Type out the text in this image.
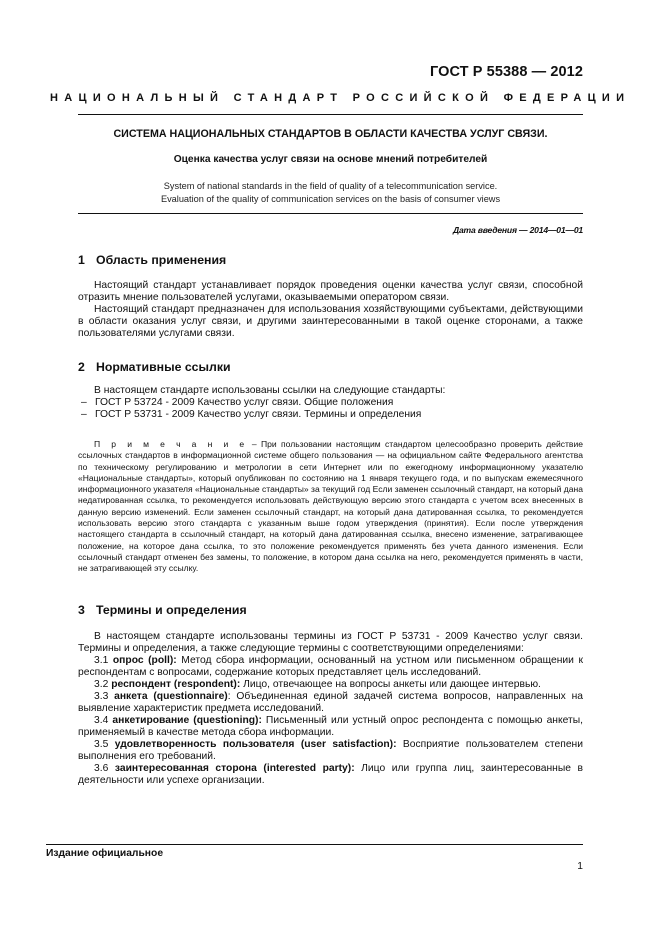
ГОСТ Р 55388 — 2012
НАЦИОНАЛЬНЫЙ СТАНДАРТ РОССИЙСКОЙ ФЕДЕРАЦИИ
СИСТЕМА НАЦИОНАЛЬНЫХ СТАНДАРТОВ В ОБЛАСТИ КАЧЕСТВА УСЛУГ СВЯЗИ.
Оценка качества услуг связи на основе мнений потребителей
System of national standards in the field of quality of a telecommunication service.
Evaluation of the quality of communication services on the basis of consumer views
Дата введения — 2014—01—01
1 Область применения

Настоящий стандарт устанавливает порядок проведения оценки качества услуг связи, способной отразить мнение пользователей услугами, оказываемыми оператором связи.

Настоящий стандарт предназначен для использования хозяйствующими субъектами, действующими в области оказания услуг связи, и другими заинтересованными в такой оценке сторонами, а также пользователями услугами связи.

2 Нормативные ссылки

В настоящем стандарте использованы ссылки на следующие стандарты:

– ГОСТ Р 53724 - 2009 Качество услуг связи. Общие положения
– ГОСТ Р 53731 - 2009 Качество услуг связи. Термины и определения

П р и м е ч а н и е – При пользовании настоящим стандартом целесообразно проверить действие ссылочных стандартов в информационной системе общего пользования — на официальном сайте Федерального агентства по техническому регулированию и метрологии в сети Интернет или по ежегодному информационному указателю «Национальные стандарты», который опубликован по состоянию на 1 января текущего года, и по выпускам ежемесячного информационного указателя «Национальные стандарты» за текущий год Если заменен ссылочный стандарт, на который дана недатированная ссылка, то рекомендуется использовать действующую версию этого стандарта с учетом всех внесенных в данную версию изменений. Если заменен ссылочный стандарт, на который дана датированная ссылка, то рекомендуется использовать версию этого стандарта с указанным выше годом утверждения (принятия). Если после утверждения настоящего стандарта в ссылочный стандарт, на который дана датированная ссылка, внесено изменение, затрагивающее положение, на которое дана ссылка, то это положение рекомендуется применять без учета данного изменения. Если ссылочный стандарт отменен без замены, то положение, в котором дана ссылка на него, рекомендуется применять в части, не затрагивающей эту ссылку.

3 Термины и определения

В настоящем стандарте использованы термины из ГОСТ Р 53731 - 2009 Качество услуг связи. Термины и определения, а также следующие термины с соответствующими определениями:

3.1 опрос (poll): Метод сбора информации, основанный на устном или письменном обращении к респондентам с вопросами, содержание которых представляет цель исследований.

3.2 респондент (respondent): Лицо, отвечающее на вопросы анкеты или дающее интервью.

3.3 анкета (questionnaire): Объединенная единой задачей система вопросов, направленных на выявление характеристик предмета исследований.

3.4 анкетирование (questioning): Письменный или устный опрос респондента с помощью анкеты, применяемый в качестве метода сбора информации.

3.5 удовлетворенность пользователя (user satisfaction): Восприятие пользователем степени выполнения его требований.

3.6 заинтересованная сторона (interested party): Лицо или группа лиц, заинтересованные в деятельности или успехе организации.

Издание официальное
1
